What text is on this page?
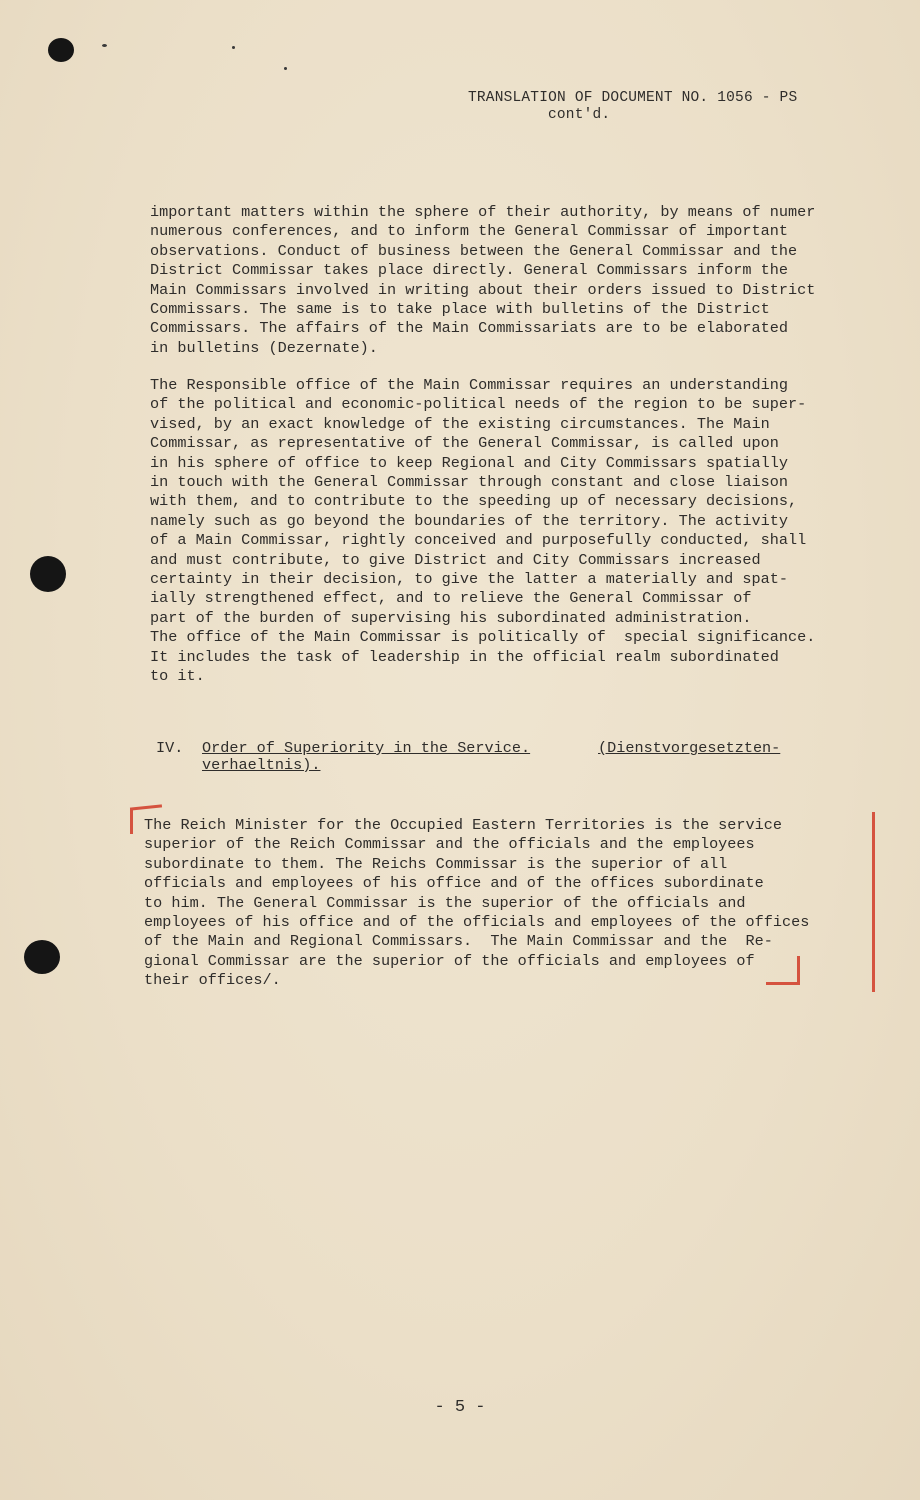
TRANSLATION OF DOCUMENT NO. 1056 - PS
cont'd.
important matters within the sphere of their authority, by means of numer
numerous conferences, and to inform the General Commissar of important
observations. Conduct of business between the General Commissar and the
District Commissar takes place directly. General Commissars inform the
Main Commissars involved in writing about their orders issued to District
Commissars. The same is to take place with bulletins of the District
Commissars. The affairs of the Main Commissariats are to be elaborated
in bulletins (Dezernate).
The Responsible office of the Main Commissar requires an understanding
of the political and economic-political needs of the region to be super-
vised, by an exact knowledge of the existing circumstances. The Main
Commissar, as representative of the General Commissar, is called upon
in his sphere of office to keep Regional and City Commissars spatially
in touch with the General Commissar through constant and close liaison
with them, and to contribute to the speeding up of necessary decisions,
namely such as go beyond the boundaries of the territory. The activity
of a Main Commissar, rightly conceived and purposefully conducted, shall
and must contribute, to give District and City Commissars increased
certainty in their decision, to give the latter a materially and spat-
ially strengthened effect, and to relieve the General Commissar of
part of the burden of supervising his subordinated administration.
The office of the Main Commissar is politically of  special significance.
It includes the task of leadership in the official realm subordinated
to it.
IV. Order of Superiority in the Service.	(Dienstvorgesetzten-
verhaeltnis).
The Reich Minister for the Occupied Eastern Territories is the service
superior of the Reich Commissar and the officials and the employees
subordinate to them. The Reichs Commissar is the superior of all
officials and employees of his office and of the offices subordinate
to him. The General Commissar is the superior of the officials and
employees of his office and of the officials and employees of the offices
of the Main and Regional Commissars.  The Main Commissar and the  Re-
gional Commissar are the superior of the officials and employees of
their offices/.
- 5 -
